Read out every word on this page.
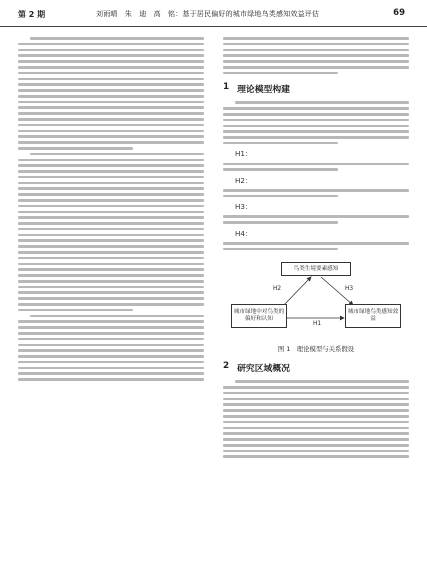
第 2 期	刘雨晴　朱　迪　高　铭：基于居民偏好的城市绿地鸟类感知效益评估	69
1 理论模型构建
H1：
H2：
H3：
H4：
鸟类生境要素感知
城市绿地中对鸟类的偏好和认知
城市绿地鸟类感知效益
H1
H2	H3
图 1　理论模型与关系假设
2 研究区域概况
